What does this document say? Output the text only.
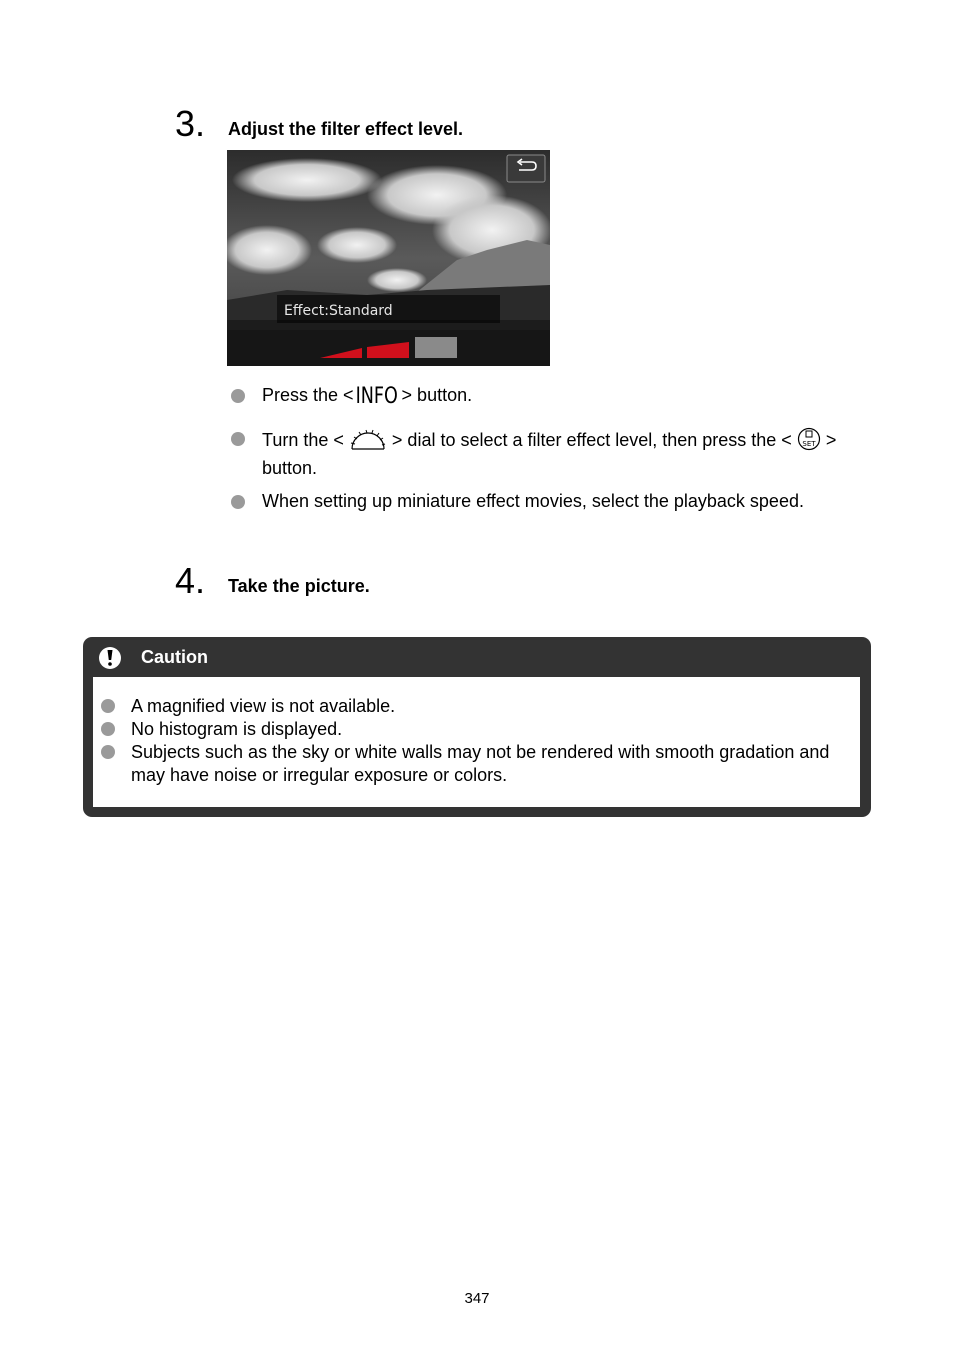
3. Adjust the filter effect level.
Effect:Standard
Press the < INFO > button.
Turn the <	> dial to select a filter effect level, then press the < SET > button.
When setting up miniature effect movies, select the playback speed.
4. Take the picture.
Caution
A magnified view is not available.
No histogram is displayed.
Subjects such as the sky or white walls may not be rendered with smooth gradation and may have noise or irregular exposure or colors.
347
